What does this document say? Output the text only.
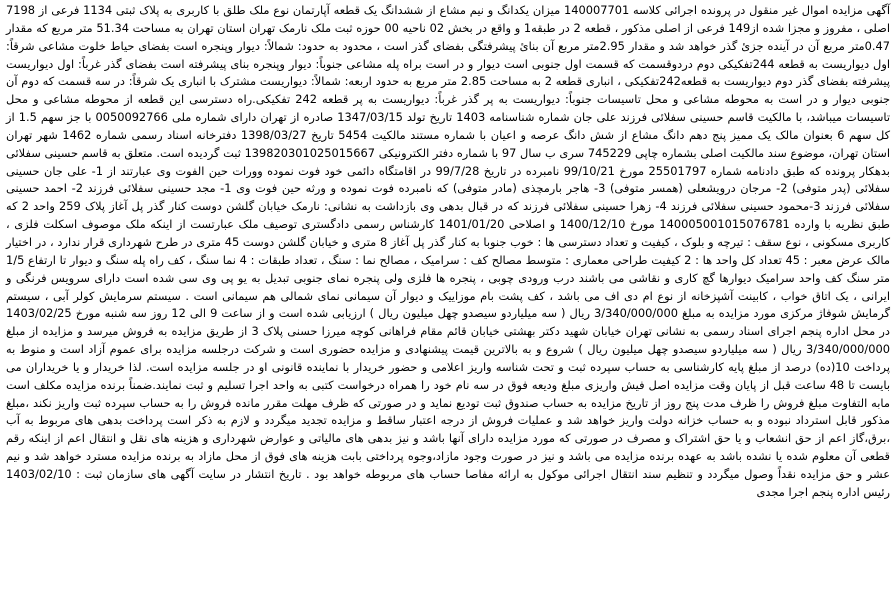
آگهی مزایده اموال غیر منقول در پرونده اجرائی کلاسه 140007701 میزان یکدانگ و نیم مشاع از ششدانگ یک قطعه آپارتمان نوع ملک طلق با کاربری به پلاک ثبتی 1134 فرعی از 7198 اصلی ، مفروز و مجزا شده از149 فرعی از اصلی مذکور ، قطعه 2 در طبقه1 و واقع در بخش 02 ناحیه 00 حوزه ثبت ملک نارمک تهران استان تهران به مساحت 51.34 متر مربع که مقدار 0.47متر مربع آن در آینده جزئ گذر خواهد شد و مقدار 2.95متر مربع آن بنائ پیشرفتگی بفضای گذر است ، محدود به حدود: شمالاً: دیوار وپنجره است بفضای حیاط خلوت مشاعی شرقاً: اول دیواریست به قطعه 244تفکیکی دوم دردوقسمت که قسمت اول جنوبی است دیوار و در است براه پله مشاعی جنوباً: دیوار وپنجره بنای پیشرفته است بفضای گذر غرباً: اول دیواریست پیشرفته بفضای گذر دوم دیواریست به قطعه242تفکیکی ، انباری قطعه 2 به مساحت 2.85 متر مربع به حدود اربعه: شمالاً: دیواریست مشترک با انباری یک شرقاً: در سه قسمت که دوم آن جنوبی دیوار و در است به محوطه مشاعی و محل تاسیسات جنوباً: دیواریست به پر گذر غرباً: دیواریست به پر قطعه 242 تفکیکی.راه دسترسی این قطعه از محوطه مشاعی و محل تاسیسات میباشد، با مالکیت قاسم حسینی سفلائی فرزند علی جان شماره شناسنامه 1403 تاریخ تولد 1347/03/15 صادره از تهران دارای شماره ملی 0050092766 با جز سهم 1.5 از کل سهم 6 بعنوان مالک یک ممیز پنج دهم دانگ مشاع از شش دانگ عرصه و اعیان با شماره مستند مالکیت 5454 تاریخ 1398/03/27 دفترخانه اسناد رسمی شماره 1462 شهر تهران استان تهران، موضوع سند مالکیت اصلی بشماره چاپی 745229 سری ب سال 97 با شماره دفتر الکترونیکی 139820301025015667 ثبت گردیده است. متعلق به قاسم حسینی سفلائی بدهکار پرونده که طبق دادنامه شماره 25501797 مورخ 99/10/21 نامبرده در تاریخ 99/7/28 در اقامتگاه دائمی خود فوت نموده وورات حین الفوت وی عبارتند از 1- علی جان حسینی سفلائی (پدر متوفی) 2- مرجان درویشعلی (همسر متوفی) 3- هاجر بارمچذی (مادر متوفی) که نامبرده فوت نموده و ورثه حین فوت وی 1- مجد حسینی سفلائی فرزند 2- احمد حسینی سفلائی فرزند 3-محمود حسینی سفلائی فرزند 4- زهرا حسینی سفلائی فرزند که در قبال بدهی وی بازداشت به نشانی: نارمک خیابان گلشن دوست کنار گذر پل آغاز پلاک 259 واحد 2 که طبق نظریه با وارده 140005001015076781 مورخ 1400/12/10 و اصلاحی 1401/01/20 کارشناس رسمی دادگستری توصیف ملک عبارتست از اینکه ملک موصوف اسکلت فلزی ، کاربری مسکونی ، نوع سقف : تیرچه و بلوک ، کیفیت و تعداد دسترسی ها : خوب جنوبا به کنار گذر پل آغاز 8 متری و خیابان گلشن دوست 45 متری در طرح شهرداری قرار ندارد ، در اختیار مالک عرض معبر : 45 تعداد کل واحد ها : 2 کیفیت طراحی معماری : متوسط مصالح کف : سرامیک ، مصالح نما : سنگ ، تعداد طبقات : 4 نما سنگ ، کف راه پله سنگ و دیوار تا ارتفاع 1/5 متر سنگ کف واحد سرامیک دیوارها گچ کاری و نقاشی می باشند درب ورودی چوبی ، پنجره ها فلزی ولی پنجره نمای جنوبی تبدیل به یو پی وی سی شده است دارای سرویس فرنگی و ایرانی ، یک اتاق خواب ، کابینت آشپزخانه از نوع ام دی اف می باشد ، کف پشت بام موزاییک و دیوار آن سیمانی نمای شمالی هم سیمانی است . سیستم سرمایش کولر آبی ، سیستم گرمایش شوفاژ مرکزی مورد مزایده به مبلغ 3/340/000/000 ریال ( سه میلیاردو سیصدو چهل میلیون ریال ) ارزیابی شده است و از ساعت 9 الی 12 روز سه شنبه مورخ 1403/02/25 در محل اداره پنجم اجرای اسناد رسمی به نشانی تهران خیابان شهید دکتر بهشتی خیابان قائم مقام فراهانی کوچه میرزا حسنی پلاک 3 از طریق مزایده به فروش میرسد و مزایده از مبلغ 3/340/000/000 ریال ( سه میلیاردو سیصدو چهل میلیون ریال ) شروع و به بالاترین قیمت پیشنهادی و مزایده حضوری است و شرکت درجلسه مزایده برای عموم آزاد است و منوط به پرداخت 10(ده) درصد از مبلغ پایه کارشناسی به حساب سپرده ثبت و تحت شناسه واریز اعلامی و حضور خریدار با نماینده قانونی او در جلسه مزایده است. لذا خریدار و یا خریداران می بایست تا 48 ساعت قبل از پایان وقت مزایده اصل فیش واریزی مبلغ ودیعه فوق در سه نام خود را همراه درخواست کتبی به واحد اجرا تسلیم و ثبت نمایند.ضمناً برنده مزایده مکلف است مابه التفاوت مبلغ فروش را ظرف مدت پنج روز از تاریخ مزایده به حساب صندوق ثبت تودیع نماید و در صورتی که ظرف مهلت مقرر مانده فروش را به حساب سپرده ثبت واریز نکند ،مبلغ مذکور قابل استرداد نبوده و به حساب خزانه دولت واریز خواهد شد و عملیات فروش از درجه اعتبار ساقط و مزایده تجدید میگردد و لازم به ذکر است پرداخت بدهی های مربوط به آب ،برق،گاز اعم از حق انشعاب و یا حق اشتراک و مصرف در صورتی که مورد مزایده دارای آنها باشد و نیز بدهی های مالیاتی و عوارض شهرداری و هزینه های نقل و انتقال اعم از اینکه رقم قطعی آن معلوم شده یا نشده باشد به عهده برنده مزایده می باشد و نیز در صورت وجود مازاد،وجوه پرداختی بابت هزینه های فوق از محل مازاد به برنده مزایده مسترد خواهد شد و نیم عشر و حق مزایده نقداً وصول میگردد و تنظیم سند انتقال اجرائی موکول به ارائه مفاصا حساب های مربوطه خواهد بود . تاریخ انتشار در سایت آگهی های سازمان ثبت : 1403/02/10 رئیس اداره پنجم اجرا مجدی
